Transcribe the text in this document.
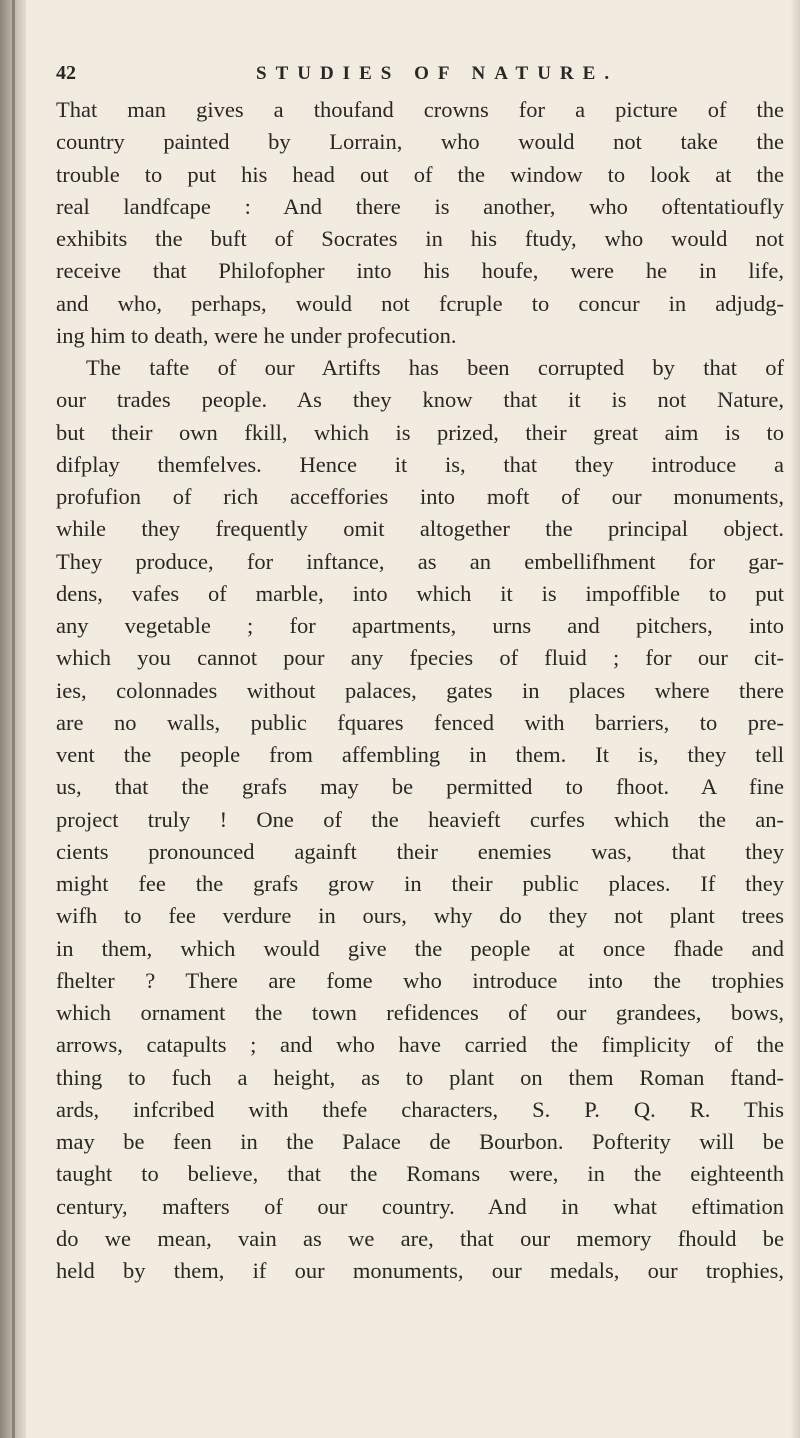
42	STUDIES OF NATURE.
That man gives a thoufand crowns for a picture of the
country painted by Lorrain, who would not take the
trouble to put his head out of the window to look at the
real landfcape : And there is another, who oftentatioufly
exhibits the buft of Socrates in his ftudy, who would not
receive that Philofopher into his houfe, were he in life,
and who, perhaps, would not fcruple to concur in adjudg-
ing him to death, were he under profecution.
The tafte of our Artifts has been corrupted by that of
our trades people. As they know that it is not Nature,
but their own fkill, which is prized, their great aim is to
difplay themfelves. Hence it is, that they introduce a
profufion of rich acceffories into moft of our monuments,
while they frequently omit altogether the principal object.
They produce, for inftance, as an embellifhment for gar-
dens, vafes of marble, into which it is impoffible to put
any vegetable ; for apartments, urns and pitchers, into
which you cannot pour any fpecies of fluid ; for our cit-
ies, colonnades without palaces, gates in places where there
are no walls, public fquares fenced with barriers, to pre-
vent the people from affembling in them. It is, they tell
us, that the grafs may be permitted to fhoot. A fine
project truly ! One of the heavieft curfes which the an-
cients pronounced againft their enemies was, that they
might fee the grafs grow in their public places. If they
wifh to fee verdure in ours, why do they not plant trees
in them, which would give the people at once fhade and
fhelter ? There are fome who introduce into the trophies
which ornament the town refidences of our grandees, bows,
arrows, catapults ; and who have carried the fimplicity of the
thing to fuch a height, as to plant on them Roman ftand-
ards, infcribed with thefe characters, S. P. Q. R. This
may be feen in the Palace de Bourbon. Pofterity will be
taught to believe, that the Romans were, in the eighteenth
century, mafters of our country. And in what eftimation
do we mean, vain as we are, that our memory fhould be
held by them, if our monuments, our medals, our trophies,
